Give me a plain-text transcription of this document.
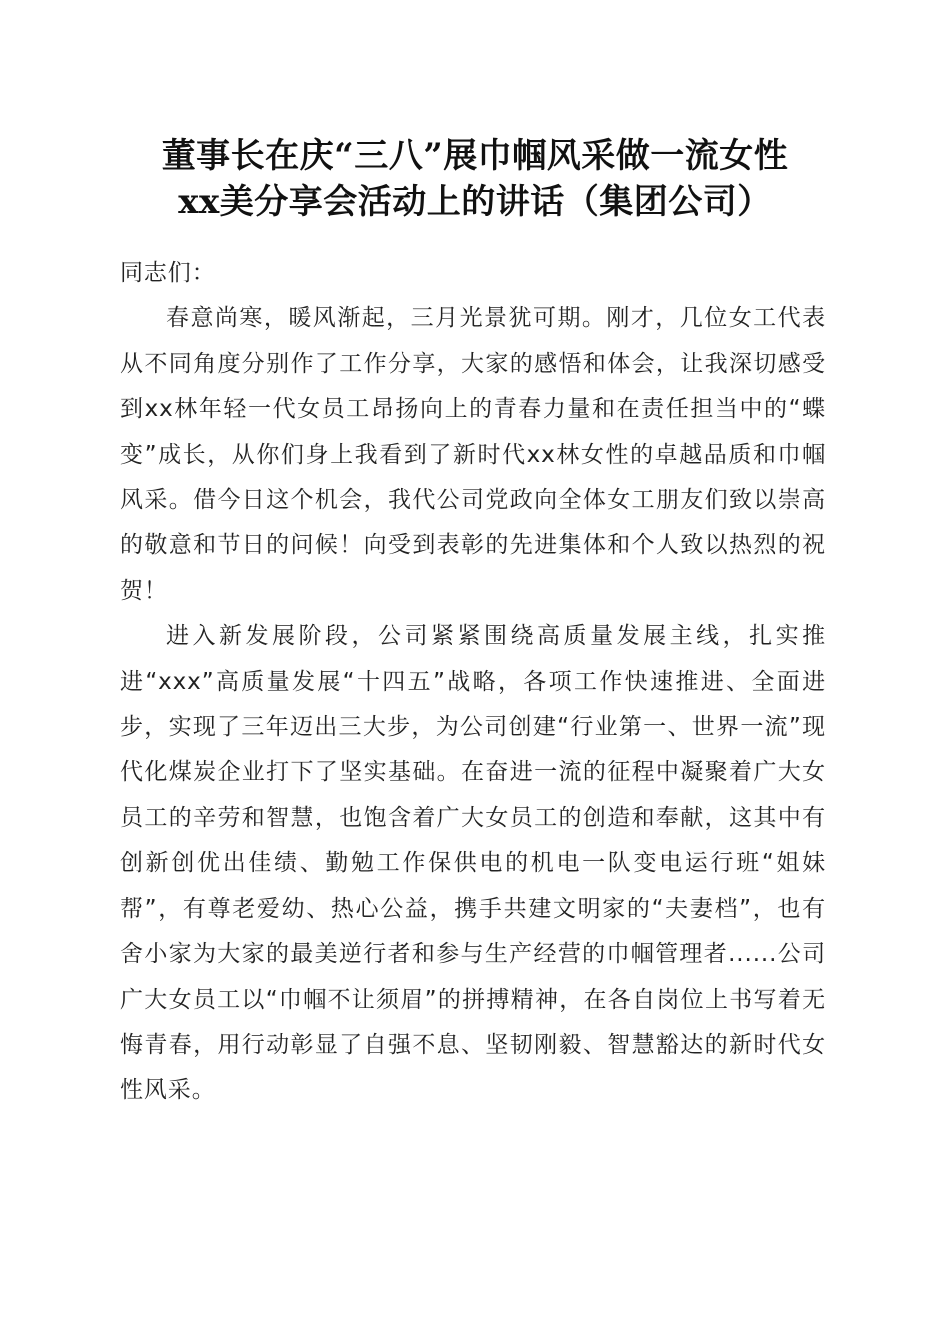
董事长在庆“三八”展巾帼风采做一流女性
xx美分享会活动上的讲话（集团公司）

同志们：

春意尚寒，暖风渐起，三月光景犹可期。刚才，几位女工代表从不同角度分别作了工作分享，大家的感悟和体会，让我深切感受到xx林年轻一代女员工昂扬向上的青春力量和在责任担当中的“蝶变”成长，从你们身上我看到了新时代xx林女性的卓越品质和巾帼风采。借今日这个机会，我代公司党政向全体女工朋友们致以崇高的敬意和节日的问候！向受到表彰的先进集体和个人致以热烈的祝贺！

进入新发展阶段，公司紧紧围绕高质量发展主线，扎实推进“xxx”高质量发展“十四五”战略，各项工作快速推进、全面进步，实现了三年迈出三大步，为公司创建“行业第一、世界一流”现代化煤炭企业打下了坚实基础。在奋进一流的征程中凝聚着广大女员工的辛劳和智慧，也饱含着广大女员工的创造和奉献，这其中有创新创优出佳绩、勤勉工作保供电的机电一队变电运行班“姐妹帮”，有尊老爱幼、热心公益，携手共建文明家的“夫妻档”，也有舍小家为大家的最美逆行者和参与生产经营的巾帼管理者......公司广大女员工以“巾帼不让须眉”的拼搏精神，在各自岗位上书写着无悔青春，用行动彰显了自强不息、坚韧刚毅、智慧豁达的新时代女性风采。
